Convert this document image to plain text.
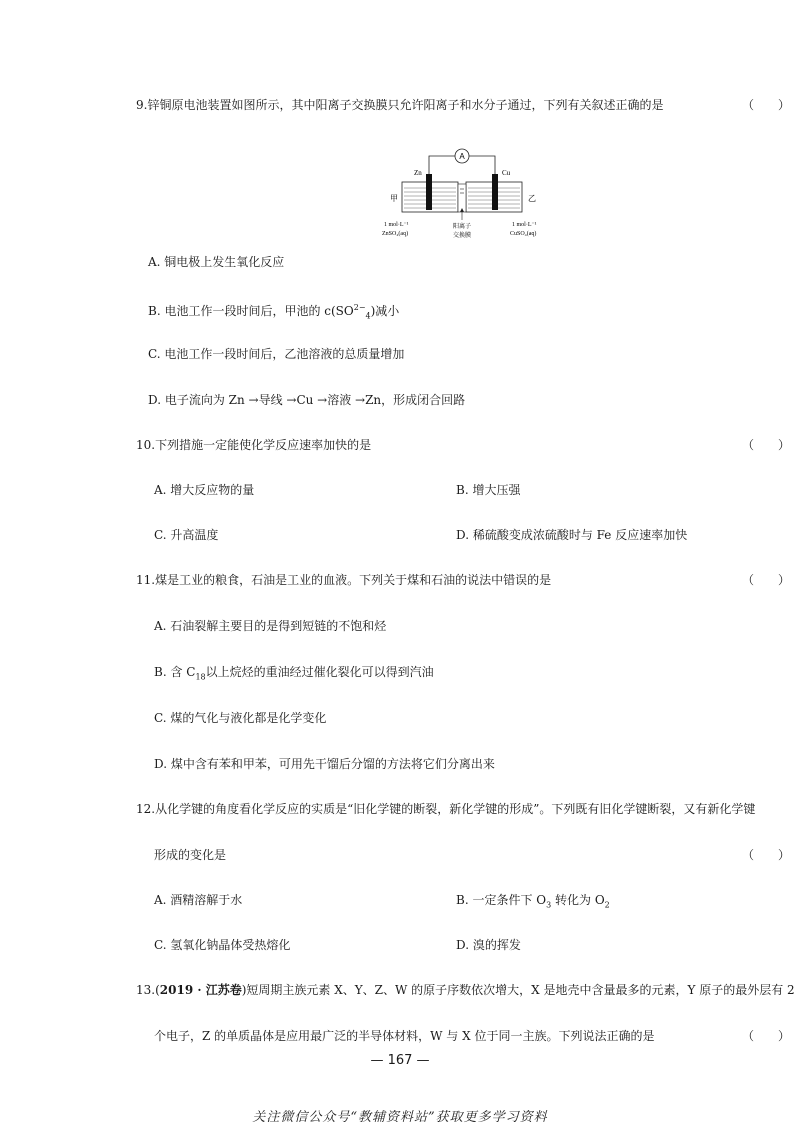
9.锌铜原电池装置如图所示，其中阳离子交换膜只允许阳离子和水分子通过，下列有关叙述正确的是	（　　）
A
Zn	Cu
甲	乙
1 mol·L⁻¹
ZnSO₄(aq)
阳离子
交换膜
1 mol·L⁻¹
CuSO₄(aq)
A. 铜电极上发生氧化反应
B. 电池工作一段时间后，甲池的 $c(SO^{2-}_4)$减小
C. 电池工作一段时间后，乙池溶液的总质量增加
D. 电子流向为 Zn →导线 →Cu →溶液 →Zn，形成闭合回路
10.下列措施一定能使化学反应速率加快的是	（　　）
A. 增大反应物的量	B. 增大压强
C. 升高温度	D. 稀硫酸变成浓硫酸时与 Fe 反应速率加快
11.煤是工业的粮食，石油是工业的血液。下列关于煤和石油的说法中错误的是	（　　）
A. 石油裂解主要目的是得到短链的不饱和烃
B. 含 $C_{18}$以上烷烃的重油经过催化裂化可以得到汽油
C. 煤的气化与液化都是化学变化
D. 煤中含有苯和甲苯，可用先干馏后分馏的方法将它们分离出来
12.从化学键的角度看化学反应的实质是“旧化学键的断裂，新化学键的形成”。下列既有旧化学键断裂，又有新化学键
形成的变化是	（　　）
A. 酒精溶解于水	B. 一定条件下 $O_3$ 转化为 $O_2$
C. 氢氧化钠晶体受热熔化	D. 溴的挥发
13.(2019 · 江苏卷)短周期主族元素 X、Y、Z、W 的原子序数依次增大，X 是地壳中含量最多的元素，Y 原子的最外层有 2
个电子，Z 的单质晶体是应用最广泛的半导体材料，W 与 X 位于同一主族。下列说法正确的是	（　　）
— 167 —
关注微信公众号“教辅资料站”获取更多学习资料
